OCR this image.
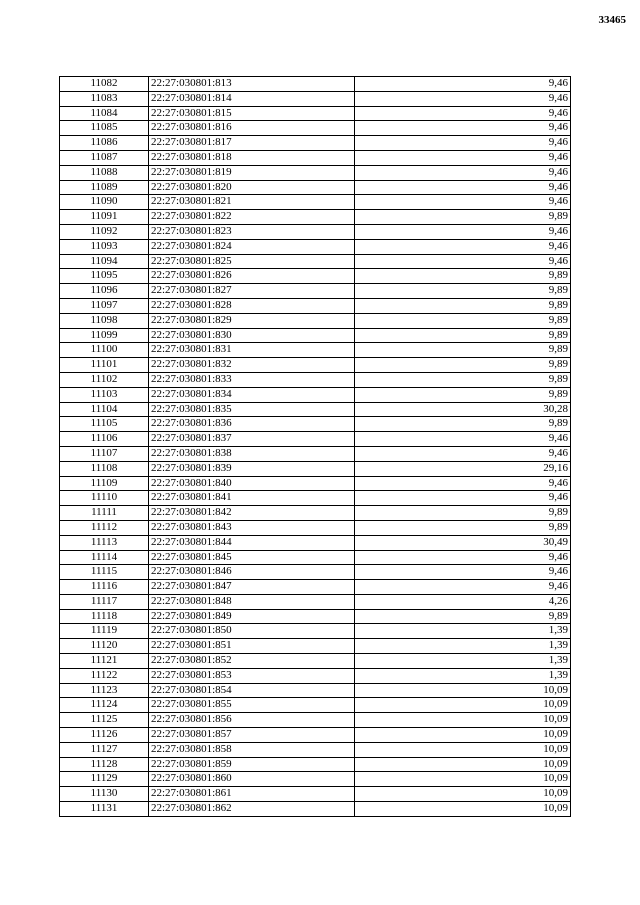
33465
11082	22:27:030801:813	9,46
11083	22:27:030801:814	9,46
11084	22:27:030801:815	9,46
11085	22:27:030801:816	9,46
11086	22:27:030801:817	9,46
11087	22:27:030801:818	9,46
11088	22:27:030801:819	9,46
11089	22:27:030801:820	9,46
11090	22:27:030801:821	9,46
11091	22:27:030801:822	9,89
11092	22:27:030801:823	9,46
11093	22:27:030801:824	9,46
11094	22:27:030801:825	9,46
11095	22:27:030801:826	9,89
11096	22:27:030801:827	9,89
11097	22:27:030801:828	9,89
11098	22:27:030801:829	9,89
11099	22:27:030801:830	9,89
11100	22:27:030801:831	9,89
11101	22:27:030801:832	9,89
11102	22:27:030801:833	9,89
11103	22:27:030801:834	9,89
11104	22:27:030801:835	30,28
11105	22:27:030801:836	9,89
11106	22:27:030801:837	9,46
11107	22:27:030801:838	9,46
11108	22:27:030801:839	29,16
11109	22:27:030801:840	9,46
11110	22:27:030801:841	9,46
11111	22:27:030801:842	9,89
11112	22:27:030801:843	9,89
11113	22:27:030801:844	30,49
11114	22:27:030801:845	9,46
11115	22:27:030801:846	9,46
11116	22:27:030801:847	9,46
11117	22:27:030801:848	4,26
11118	22:27:030801:849	9,89
11119	22:27:030801:850	1,39
11120	22:27:030801:851	1,39
11121	22:27:030801:852	1,39
11122	22:27:030801:853	1,39
11123	22:27:030801:854	10,09
11124	22:27:030801:855	10,09
11125	22:27:030801:856	10,09
11126	22:27:030801:857	10,09
11127	22:27:030801:858	10,09
11128	22:27:030801:859	10,09
11129	22:27:030801:860	10,09
11130	22:27:030801:861	10,09
11131	22:27:030801:862	10,09
